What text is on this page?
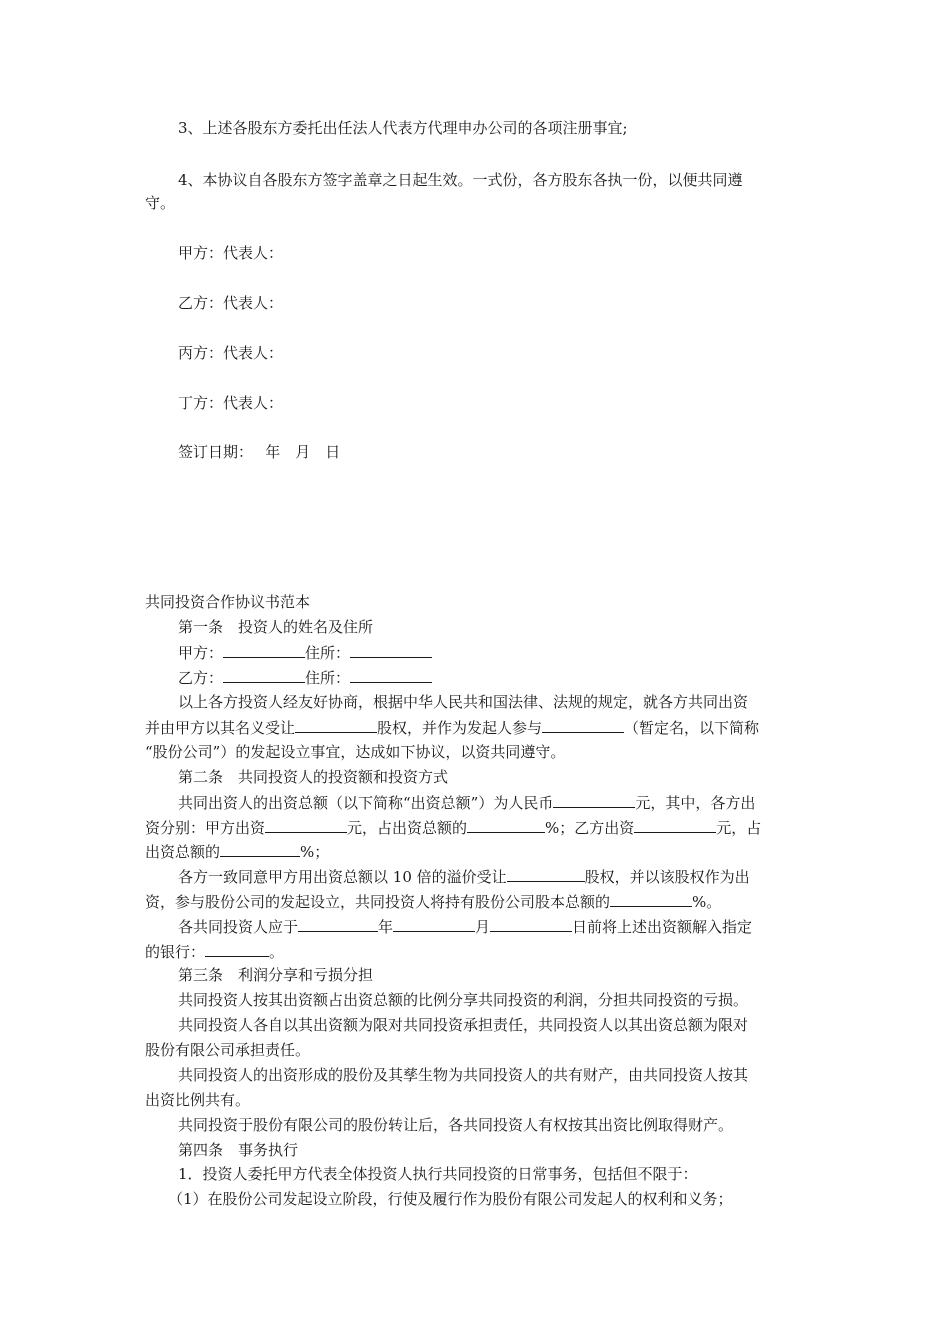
3、上述各股东方委托出任法人代表方代理申办公司的各项注册事宜;

4、本协议自各股东方签字盖章之日起生效。一式份，各方股东各执一份，以便共同遵

守。

甲方：代表人：

乙方：代表人：

丙方：代表人：

丁方：代表人：

签订日期：　 年　月　日

共同投资合作协议书范本

第一条　投资人的姓名及住所

甲方：	住所：

乙方：	住所：

以上各方投资人经友好协商，根据中华人民共和国法律、法规的规定，就各方共同出资

并由甲方以其名义受让	股权，并作为发起人参与	（暂定名，以下简称

“股份公司”）的发起设立事宜，达成如下协议，以资共同遵守。

第二条　共同投资人的投资额和投资方式

共同出资人的出资总额（以下简称“出资总额”）为人民币	元，其中，各方出

资分别：甲方出资	元，占出资总额的	%；乙方出资	元，占

出资总额的	%；

各方一致同意甲方用出资总额以 10 倍的溢价受让	股权，并以该股权作为出

资，参与股份公司的发起设立，共同投资人将持有股份公司股本总额的	%。

各共同投资人应于	年	月	日前将上述出资额解入指定

的银行：	。

第三条　利润分享和亏损分担

共同投资人按其出资额占出资总额的比例分享共同投资的利润，分担共同投资的亏损。

共同投资人各自以其出资额为限对共同投资承担责任，共同投资人以其出资总额为限对

股份有限公司承担责任。

共同投资人的出资形成的股份及其孳生物为共同投资人的共有财产，由共同投资人按其

出资比例共有。

共同投资于股份有限公司的股份转让后，各共同投资人有权按其出资比例取得财产。

第四条　事务执行

1．投资人委托甲方代表全体投资人执行共同投资的日常事务，包括但不限于：

（1）在股份公司发起设立阶段，行使及履行作为股份有限公司发起人的权利和义务；
